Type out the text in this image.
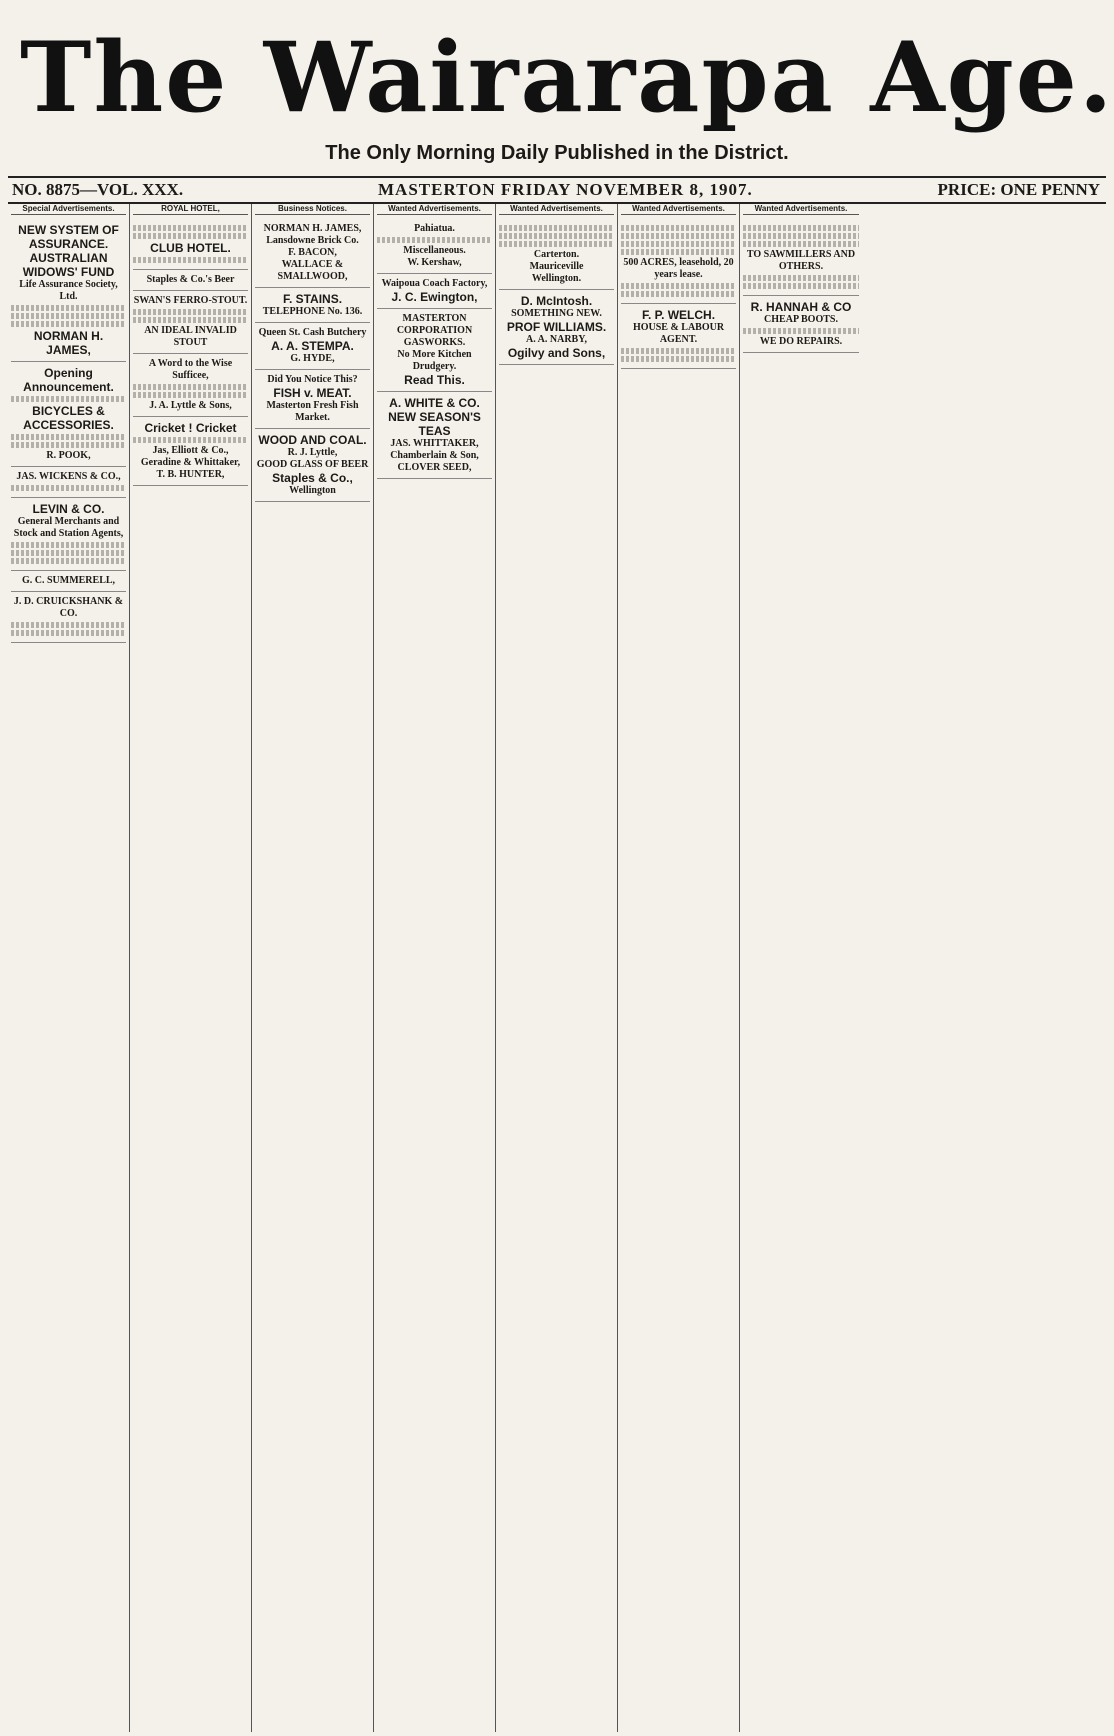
The Wairarapa Age.
The Only Morning Daily Published in the District.
NO. 8875—VOL. XXX.	MASTERTON FRIDAY NOVEMBER 8, 1907.	PRICE: ONE PENNY
Special Advertisements.
NEW SYSTEM OF ASSURANCE.
AUSTRALIAN WIDOWS' FUND
Life Assurance Society, Ltd.
NORMAN H. JAMES,
Opening Announcement.
BICYCLES & ACCESSORIES.
R. POOK,
JAS. WICKENS & CO.,
LEVIN & CO.
General Merchants and Stock and Station Agents,
G. C. SUMMERELL,
J. D. CRUICKSHANK & CO.
ROYAL HOTEL,
CLUB HOTEL.
Staples & Co.'s Beer
SWAN'S FERRO-STOUT.
AN IDEAL INVALID STOUT
A Word to the Wise Sufficee,
J. A. Lyttle & Sons,
Cricket ! Cricket
Jas, Elliott & Co.,
Geradine & Whittaker,
T. B. HUNTER,
Business Notices.
NORMAN H. JAMES,
Lansdowne Brick Co.
F. BACON,
WALLACE & SMALLWOOD,
F. STAINS.
TELEPHONE No. 136.
Queen St. Cash Butchery
A. A. STEMPA.
G. HYDE,
Did You Notice This?
FISH v. MEAT.
Masterton Fresh Fish Market.
WOOD AND COAL.
R. J. Lyttle,
GOOD GLASS OF BEER
Staples & Co.,
Wellington
Wanted Advertisements.
Pahiatua.
Miscellaneous.
W. Kershaw,
Waipoua Coach Factory,
J. C. Ewington,
MASTERTON CORPORATION GASWORKS.
No More Kitchen Drudgery.
Read This.
A. WHITE & CO.
NEW SEASON'S TEAS
JAS. WHITTAKER,
Chamberlain & Son,
CLOVER SEED,
Wanted Advertisements.
Carterton.
Mauriceville
Wellington.
D. McIntosh.
SOMETHING NEW.
PROF WILLIAMS.
A. A. NARBY,
Ogilvy and Sons,
Wanted Advertisements.
500 ACRES, leasehold, 20 years lease.
F. P. WELCH.
HOUSE & LABOUR AGENT.
Wanted Advertisements.
TO SAWMILLERS AND OTHERS.
R. HANNAH & CO
CHEAP BOOTS.
WE DO REPAIRS.
